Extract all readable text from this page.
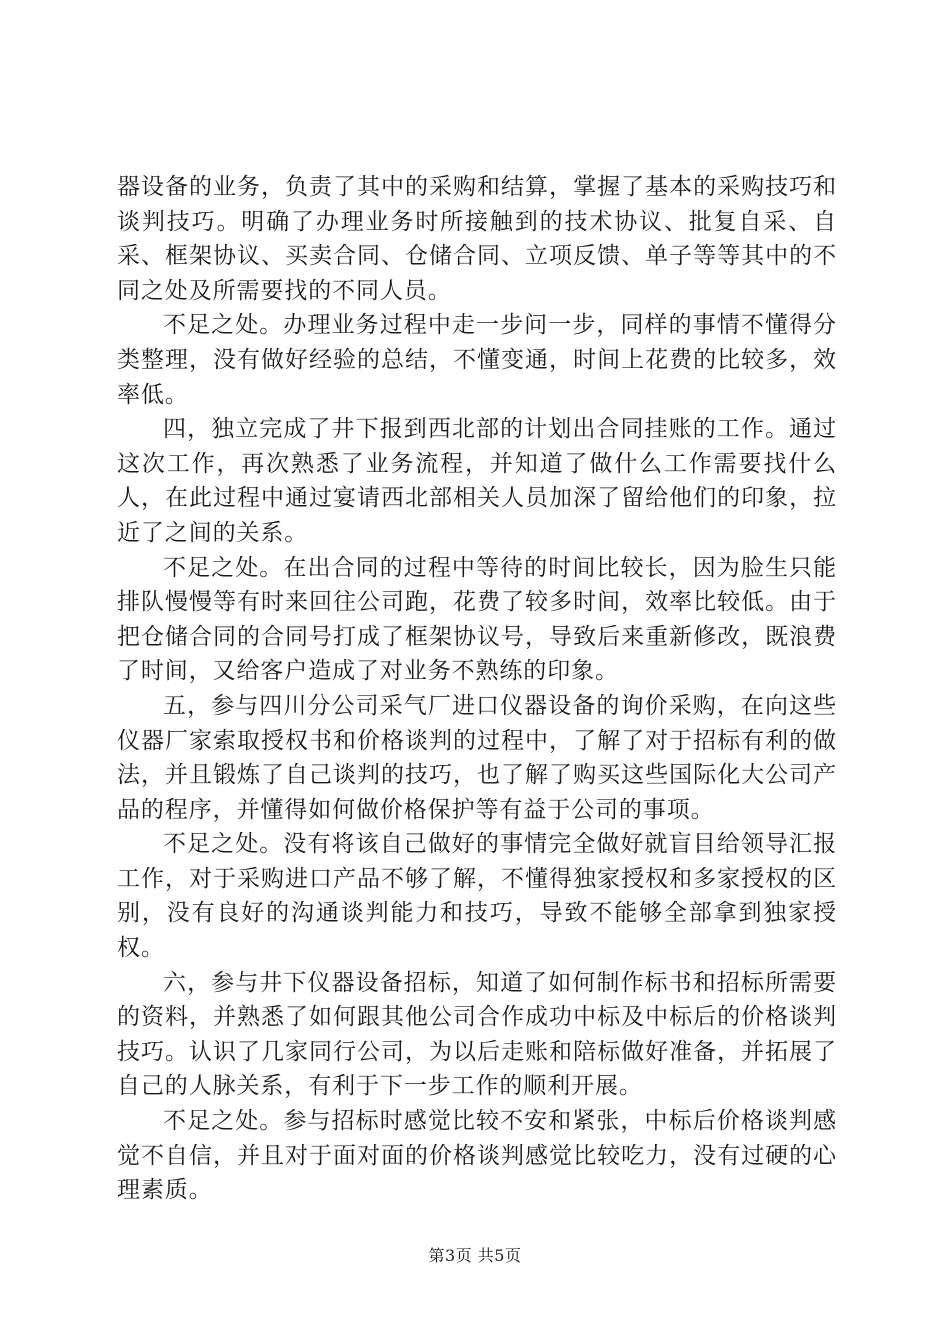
器设备的业务，负责了其中的采购和结算，掌握了基本的采购技巧和谈判技巧。明确了办理业务时所接触到的技术协议、批复自采、自采、框架协议、买卖合同、仓储合同、立项反馈、单子等等其中的不同之处及所需要找的不同人员。

不足之处。办理业务过程中走一步问一步，同样的事情不懂得分类整理，没有做好经验的总结，不懂变通，时间上花费的比较多，效率低。

四，独立完成了井下报到西北部的计划出合同挂账的工作。通过这次工作，再次熟悉了业务流程，并知道了做什么工作需要找什么人，在此过程中通过宴请西北部相关人员加深了留给他们的印象，拉近了之间的关系。

不足之处。在出合同的过程中等待的时间比较长，因为脸生只能排队慢慢等有时来回往公司跑，花费了较多时间，效率比较低。由于把仓储合同的合同号打成了框架协议号，导致后来重新修改，既浪费了时间，又给客户造成了对业务不熟练的印象。

五，参与四川分公司采气厂进口仪器设备的询价采购，在向这些仪器厂家索取授权书和价格谈判的过程中，了解了对于招标有利的做法，并且锻炼了自己谈判的技巧，也了解了购买这些国际化大公司产品的程序，并懂得如何做价格保护等有益于公司的事项。

不足之处。没有将该自己做好的事情完全做好就盲目给领导汇报工作，对于采购进口产品不够了解，不懂得独家授权和多家授权的区别，没有良好的沟通谈判能力和技巧，导致不能够全部拿到独家授权。

六，参与井下仪器设备招标，知道了如何制作标书和招标所需要的资料，并熟悉了如何跟其他公司合作成功中标及中标后的价格谈判技巧。认识了几家同行公司，为以后走账和陪标做好准备，并拓展了自己的人脉关系，有利于下一步工作的顺利开展。

不足之处。参与招标时感觉比较不安和紧张，中标后价格谈判感觉不自信，并且对于面对面的价格谈判感觉比较吃力，没有过硬的心理素质。

第3页 共5页
